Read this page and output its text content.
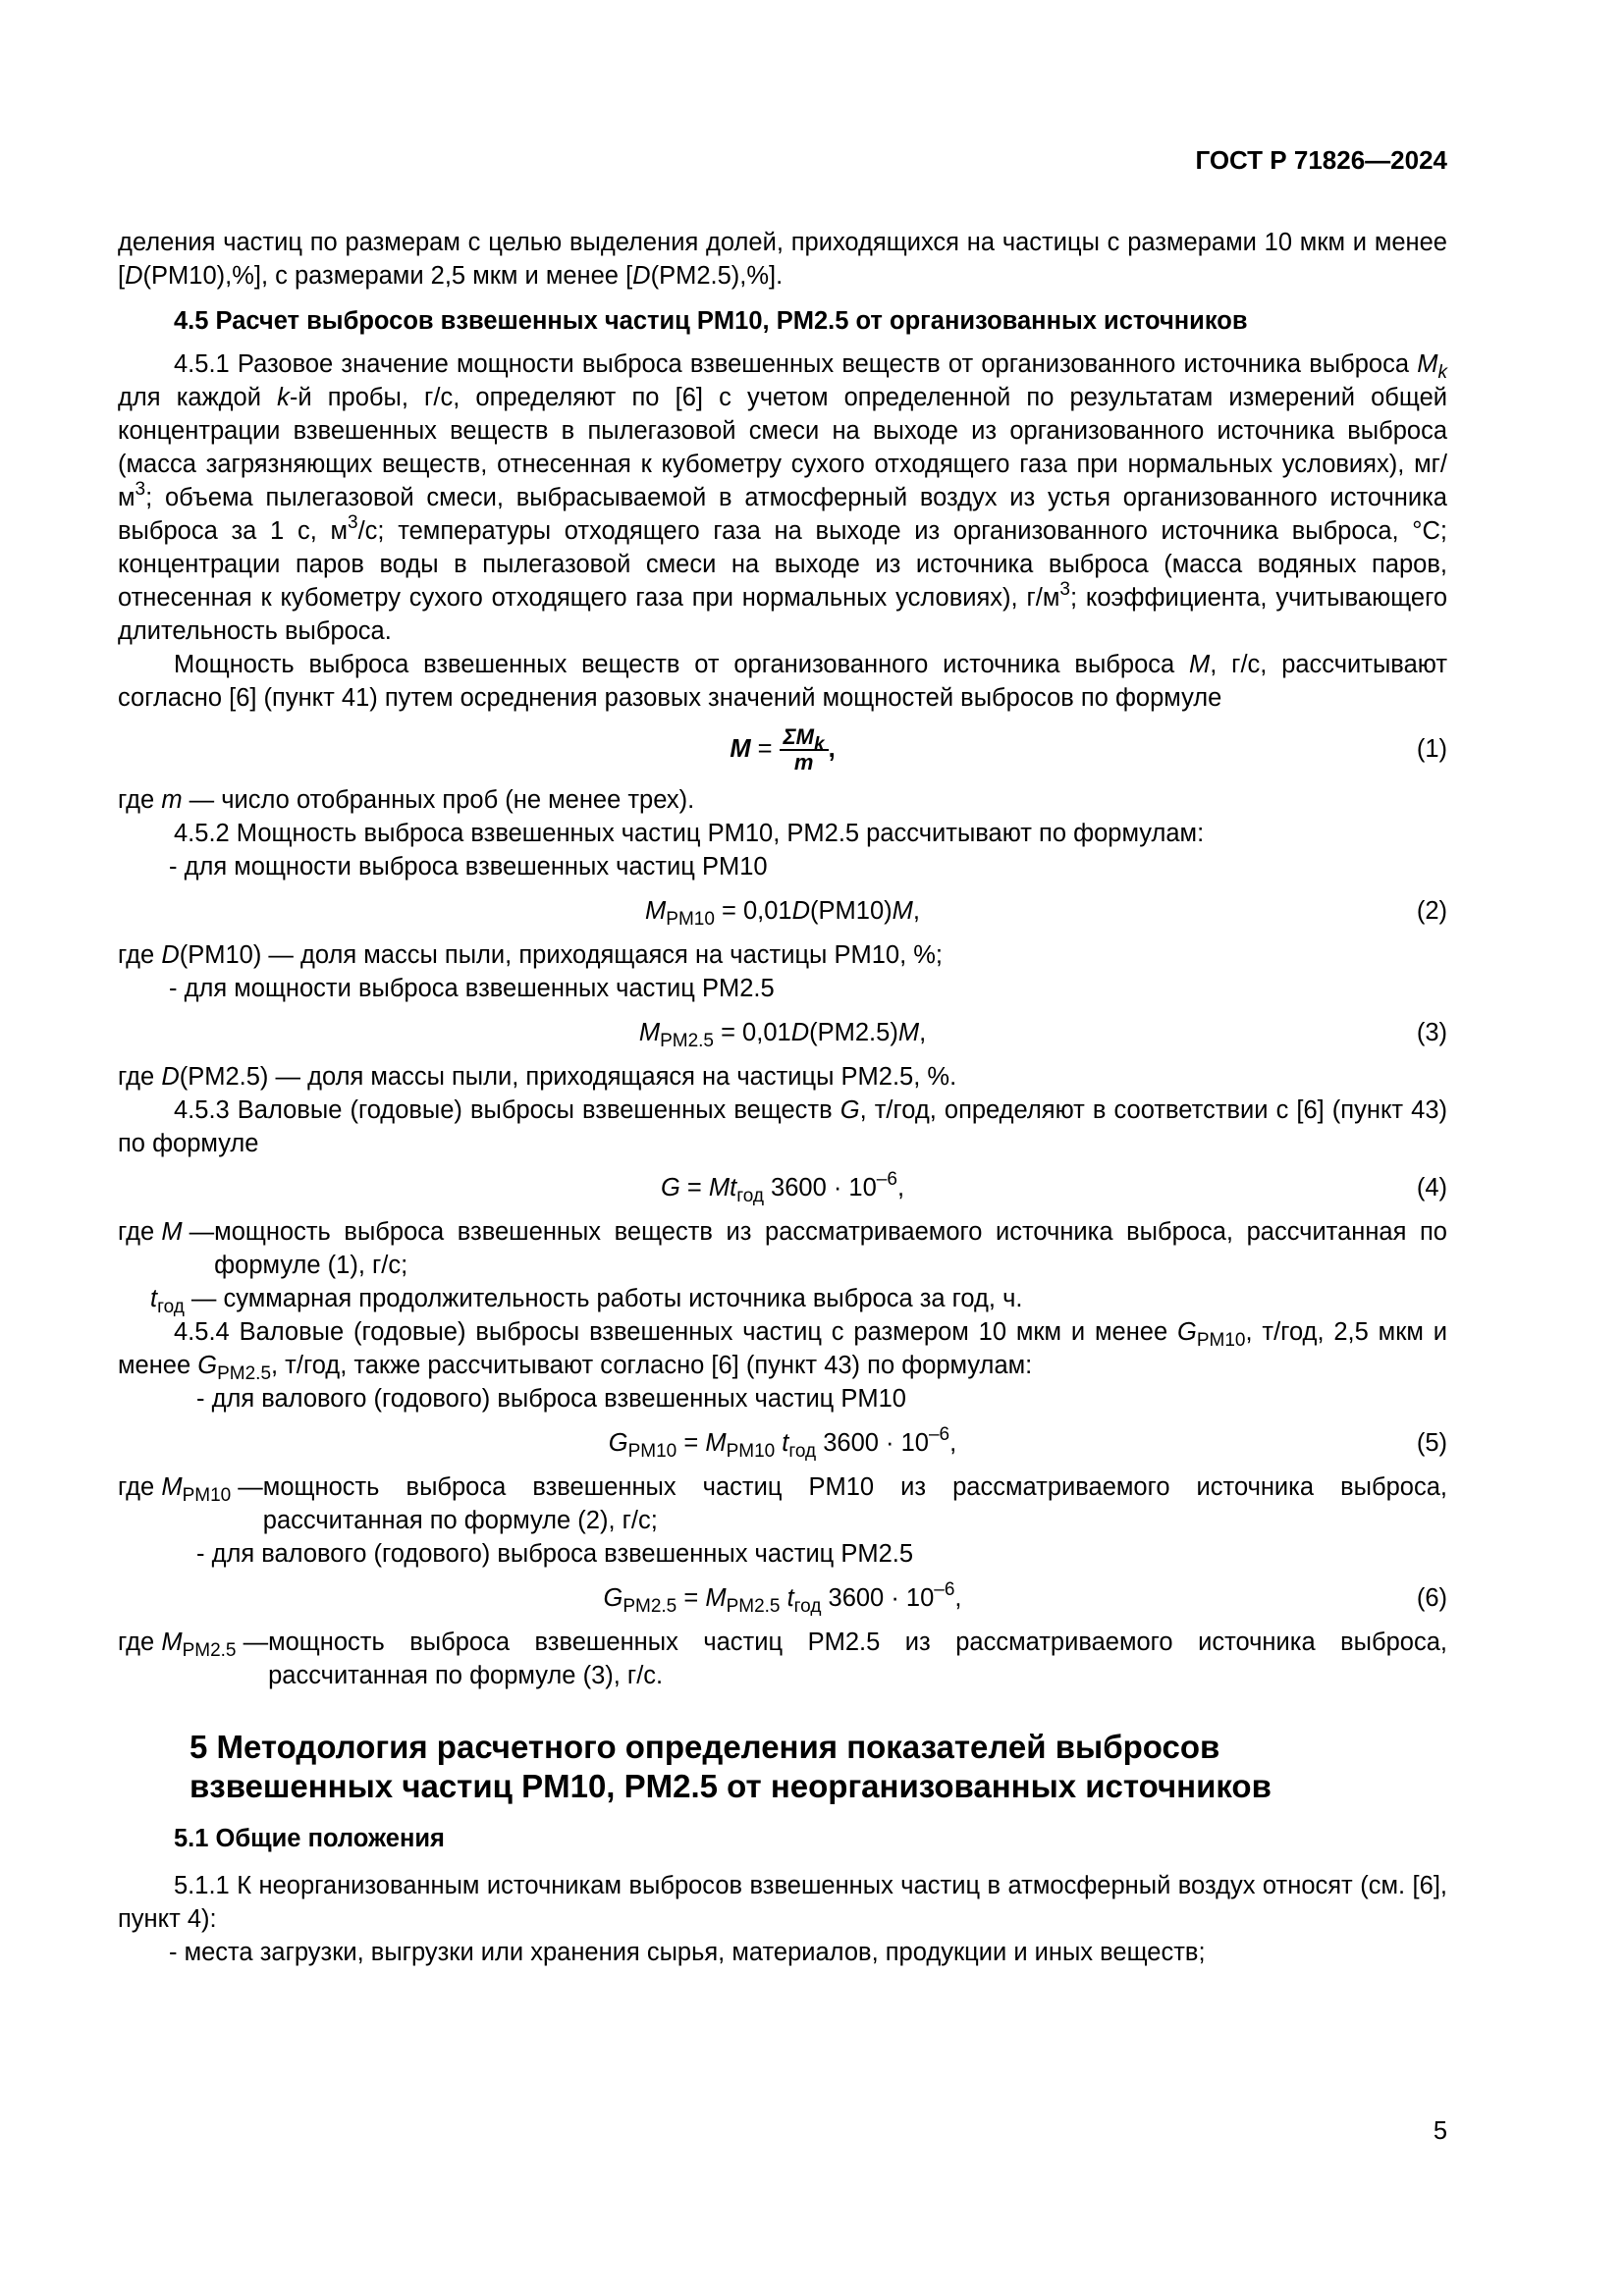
ГОСТ Р 71826—2024

деления частиц по размерам с целью выделения долей, приходящихся на частицы с размерами 10 мкм и менее [D(PM10),%], с размерами 2,5 мкм и менее [D(PM2.5),%].

4.5 Расчет выбросов взвешенных частиц PM10, PM2.5 от организованных источников

4.5.1 Разовое значение мощности выброса взвешенных веществ от организованного источника выброса $M_k$ для каждой k-й пробы, г/с, определяют по [6] с учетом определенной по результатам измерений общей концентрации взвешенных веществ в пылегазовой смеси на выходе из организованного источника выброса (масса загрязняющих веществ, отнесенная к кубометру сухого отходящего газа при нормальных условиях), $мг/м^3$; объема пылегазовой смеси, выбрасываемой в атмосферный воздух из устья организованного источника выброса за 1 с, $м^3/с$; температуры отходящего газа на выходе из организованного источника выброса, °С; концентрации паров воды в пылегазовой смеси на выходе из источника выброса (масса водяных паров, отнесенная к кубометру сухого отходящего газа при нормальных условиях), $г/м^3$; коэффициента, учитывающего длительность выброса.

Мощность выброса взвешенных веществ от организованного источника выброса M, г/с, рассчитывают согласно [6] (пункт 41) путем осреднения разовых значений мощностей выбросов по формуле

$M = \Sigma M_k$
m ,	(1)

где m — число отобранных проб (не менее трех).

4.5.2 Мощность выброса взвешенных частиц PM10, PM2.5 рассчитывают по формулам:

- для мощности выброса взвешенных частиц PM10

$M_{PM10} = 0,01D(PM10)M$,	(2)

где D(PM10) — доля массы пыли, приходящаяся на частицы PM10, %;

- для мощности выброса взвешенных частиц PM2.5

$M_{PM2.5} = 0,01D(PM2.5)M$,	(3)

где D(PM2.5) — доля массы пыли, приходящаяся на частицы PM2.5, %.

4.5.3 Валовые (годовые) выбросы взвешенных веществ G, т/год, определяют в соответствии с [6] (пункт 43) по формуле

$G = Mt_{год}$ $3600 \cdot 10^{-6}$,	(4)
где M — мощность выброса взвешенных веществ из рассматриваемого источника выброса, рассчитанная по формуле (1), г/с;

$t_{год}$ — суммарная продолжительность работы источника выброса за год, ч.

4.5.4 Валовые (годовые) выбросы взвешенных частиц с размером 10 мкм и менее $G_{PM10}$, т/год, 2,5 мкм и менее $G_{PM2.5}$, т/год, также рассчитывают согласно [6] (пункт 43) по формулам:

- для валового (годового) выброса взвешенных частиц PM10

$G_{PM10} = M_{PM10}$ $t_{год}$ $3600 \cdot 10^{-6}$,	(5)
где $M_{PM10}$ — мощность выброса взвешенных частиц PM10 из рассматриваемого источника выброса, рассчитанная по формуле (2), г/с;

- для валового (годового) выброса взвешенных частиц PM2.5

$G_{PM2.5} = M_{PM2.5}$ $t_{год}$ $3600 \cdot 10^{-6}$,	(6)
где $M_{PM2.5}$ — мощность выброса взвешенных частиц PM2.5 из рассматриваемого источника выброса, рассчитанная по формуле (3), г/с.
5 Методология расчетного определения показателей выбросов
взвешенных частиц PM10, PM2.5 от неорганизованных источников
5.1 Общие положения

5.1.1 К неорганизованным источникам выбросов взвешенных частиц в атмосферный воздух относят (см. [6], пункт 4):

- места загрузки, выгрузки или хранения сырья, материалов, продукции и иных веществ;

5
